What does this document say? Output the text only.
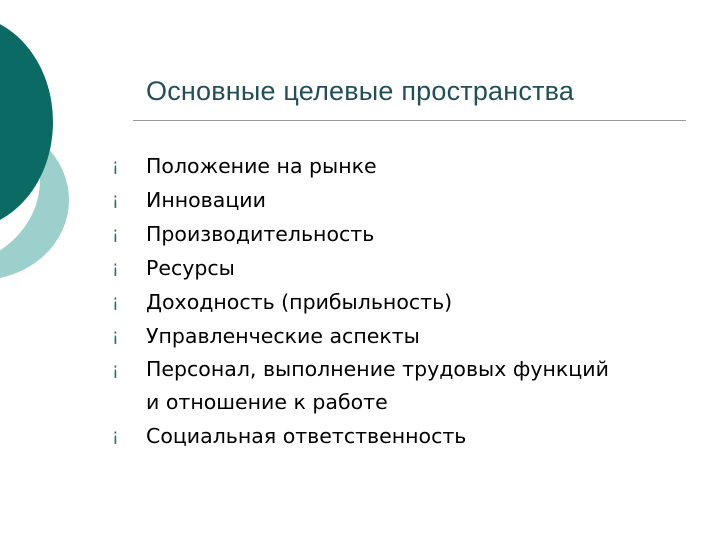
Основные целевые пространства
¡	Положение на рынке
¡	Инновации
¡	Производительность
¡	Ресурсы
¡	Доходность (прибыльность)
¡	Управленческие аспекты
¡	Персонал, выполнение трудовых функций
и отношение к работе
¡	Социальная ответственность
